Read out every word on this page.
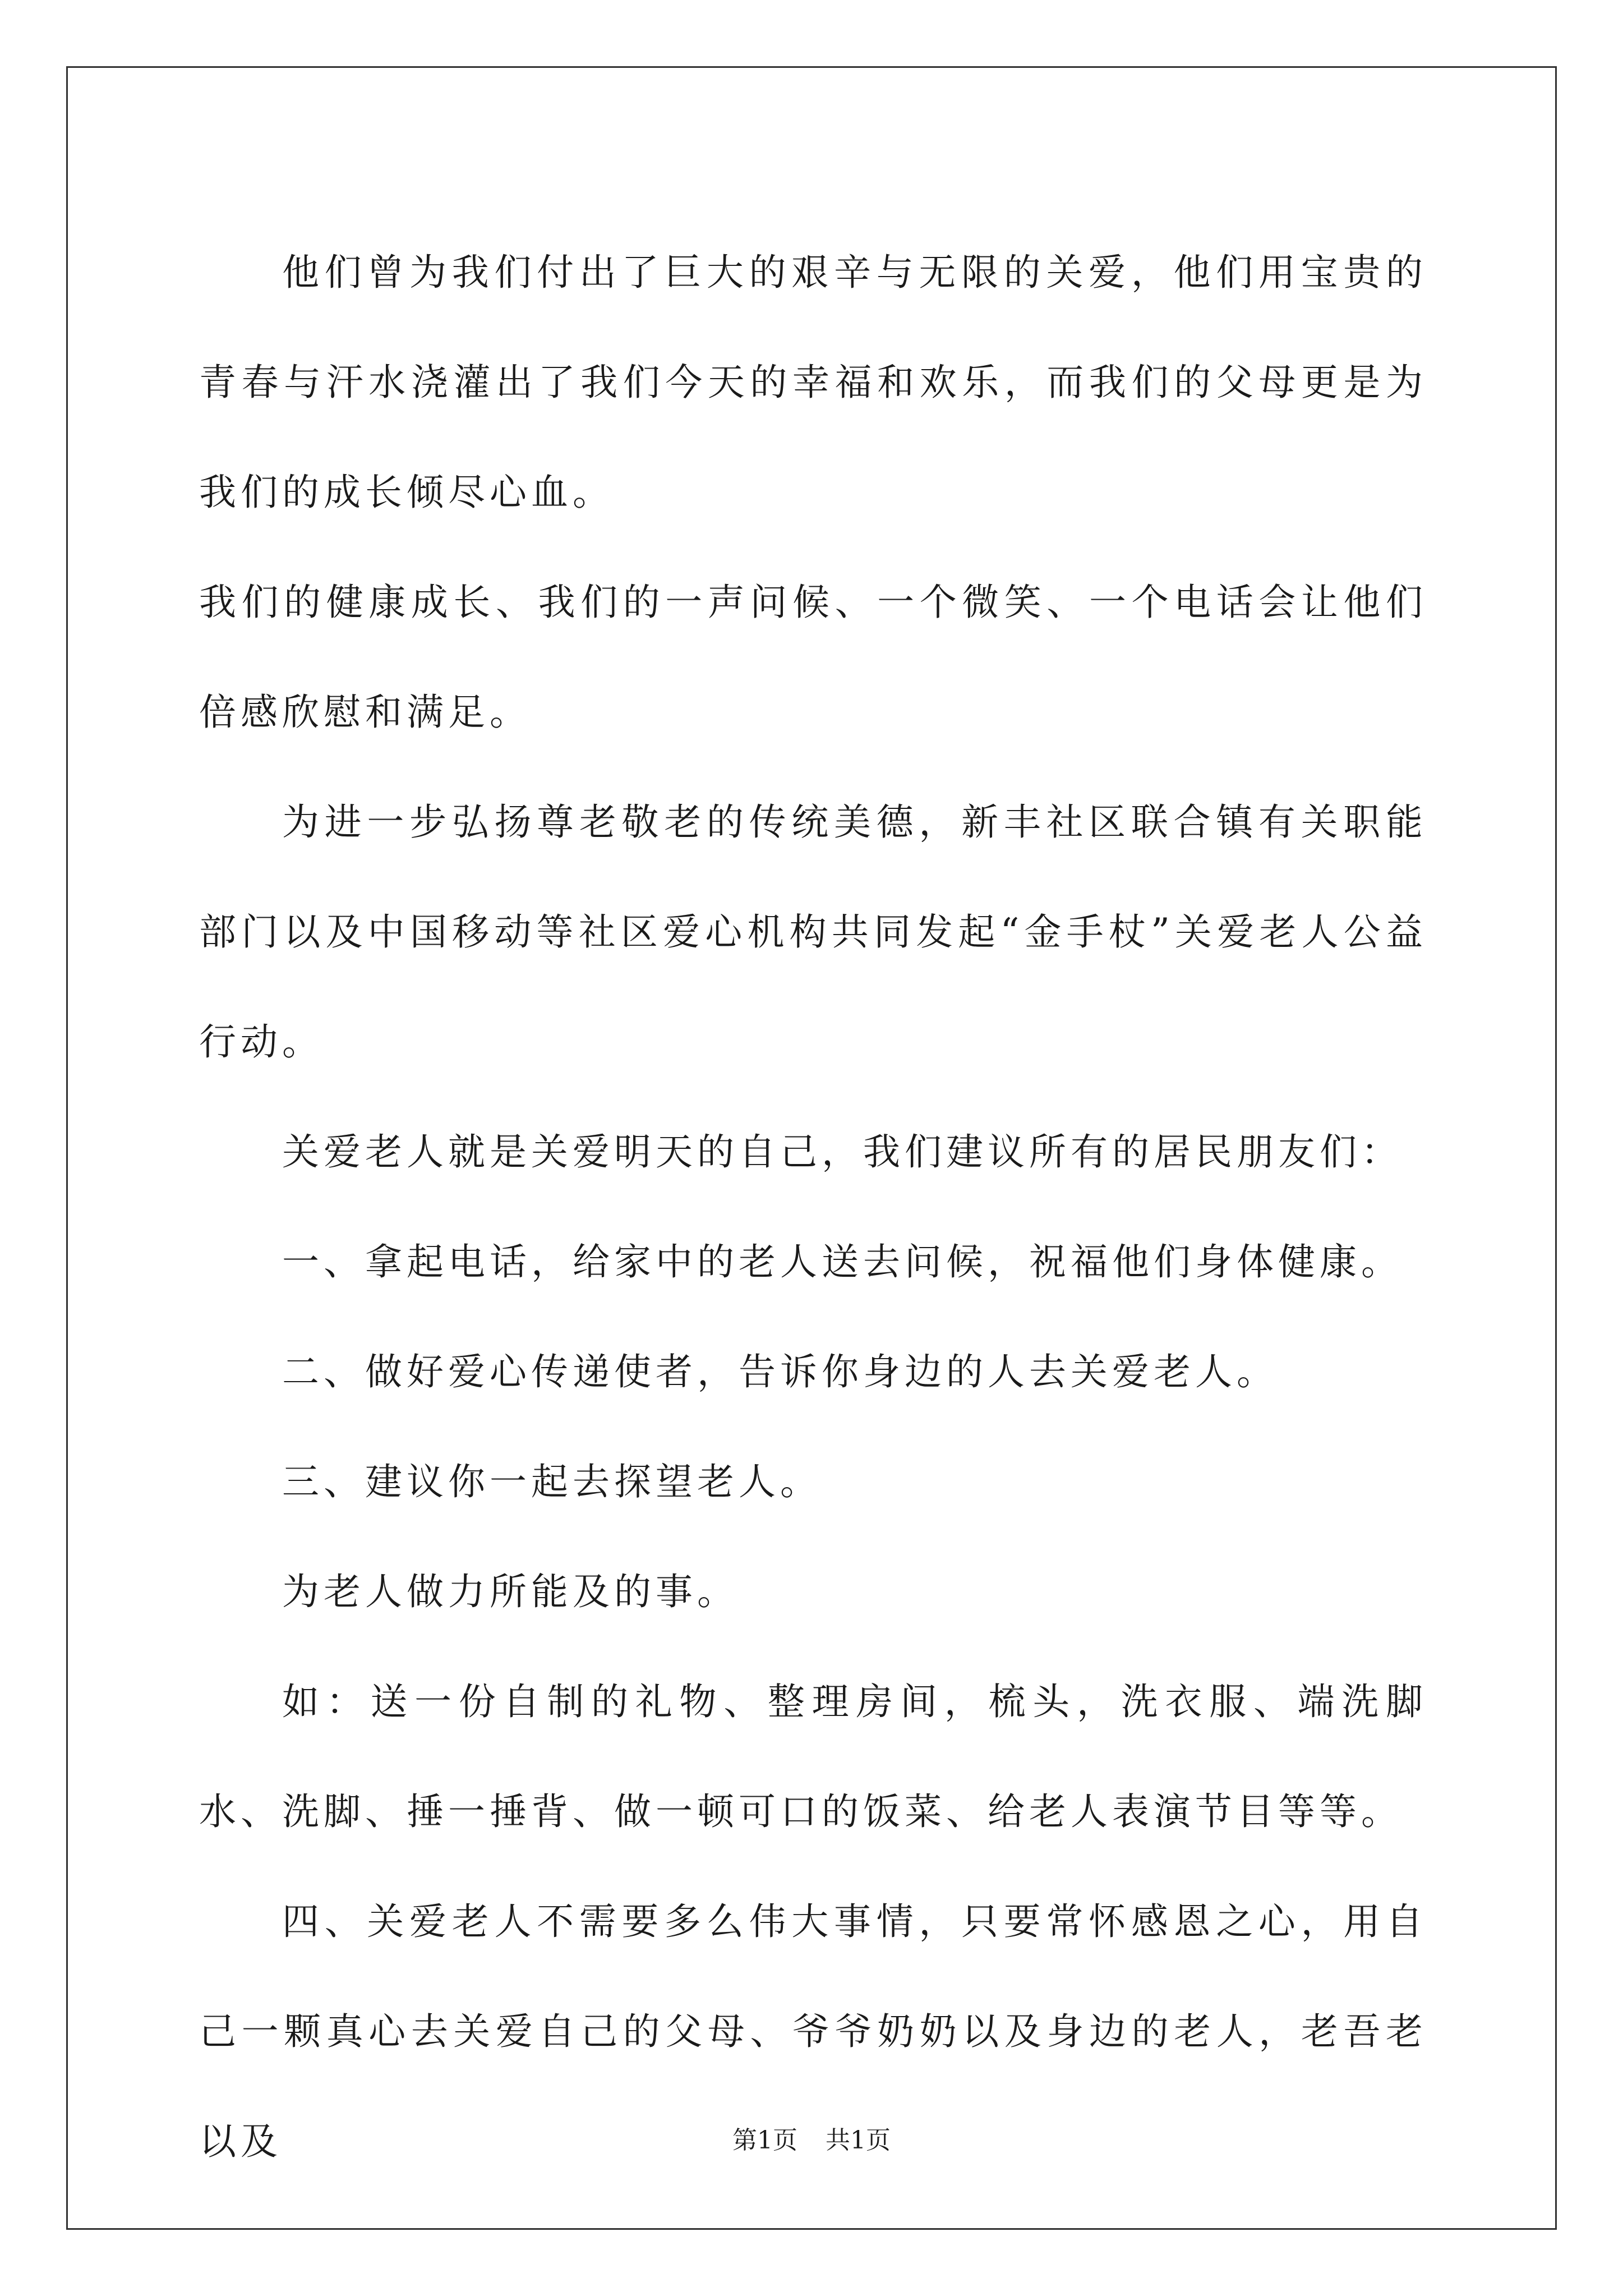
他们曾为我们付出了巨大的艰辛与无限的关爱，他们用宝贵的青春与汗水浇灌出了我们今天的幸福和欢乐，而我们的父母更是为我们的成长倾尽心血。

我们的健康成长、我们的一声问候、一个微笑、一个电话会让他们倍感欣慰和满足。

为进一步弘扬尊老敬老的传统美德，新丰社区联合镇有关职能部门以及中国移动等社区爱心机构共同发起“金手杖”关爱老人公益行动。

关爱老人就是关爱明天的自己，我们建议所有的居民朋友们：

一、拿起电话，给家中的老人送去问候，祝福他们身体健康。

二、做好爱心传递使者，告诉你身边的人去关爱老人。

三、建议你一起去探望老人。

为老人做力所能及的事。

如：送一份自制的礼物、整理房间，梳头，洗衣服、端洗脚水、洗脚、捶一捶背、做一顿可口的饭菜、给老人表演节目等等。

四、关爱老人不需要多么伟大事情，只要常怀感恩之心，用自己一颗真心去关爱自己的父母、爷爷奶奶以及身边的老人，老吾老以及	第1页 共1页
